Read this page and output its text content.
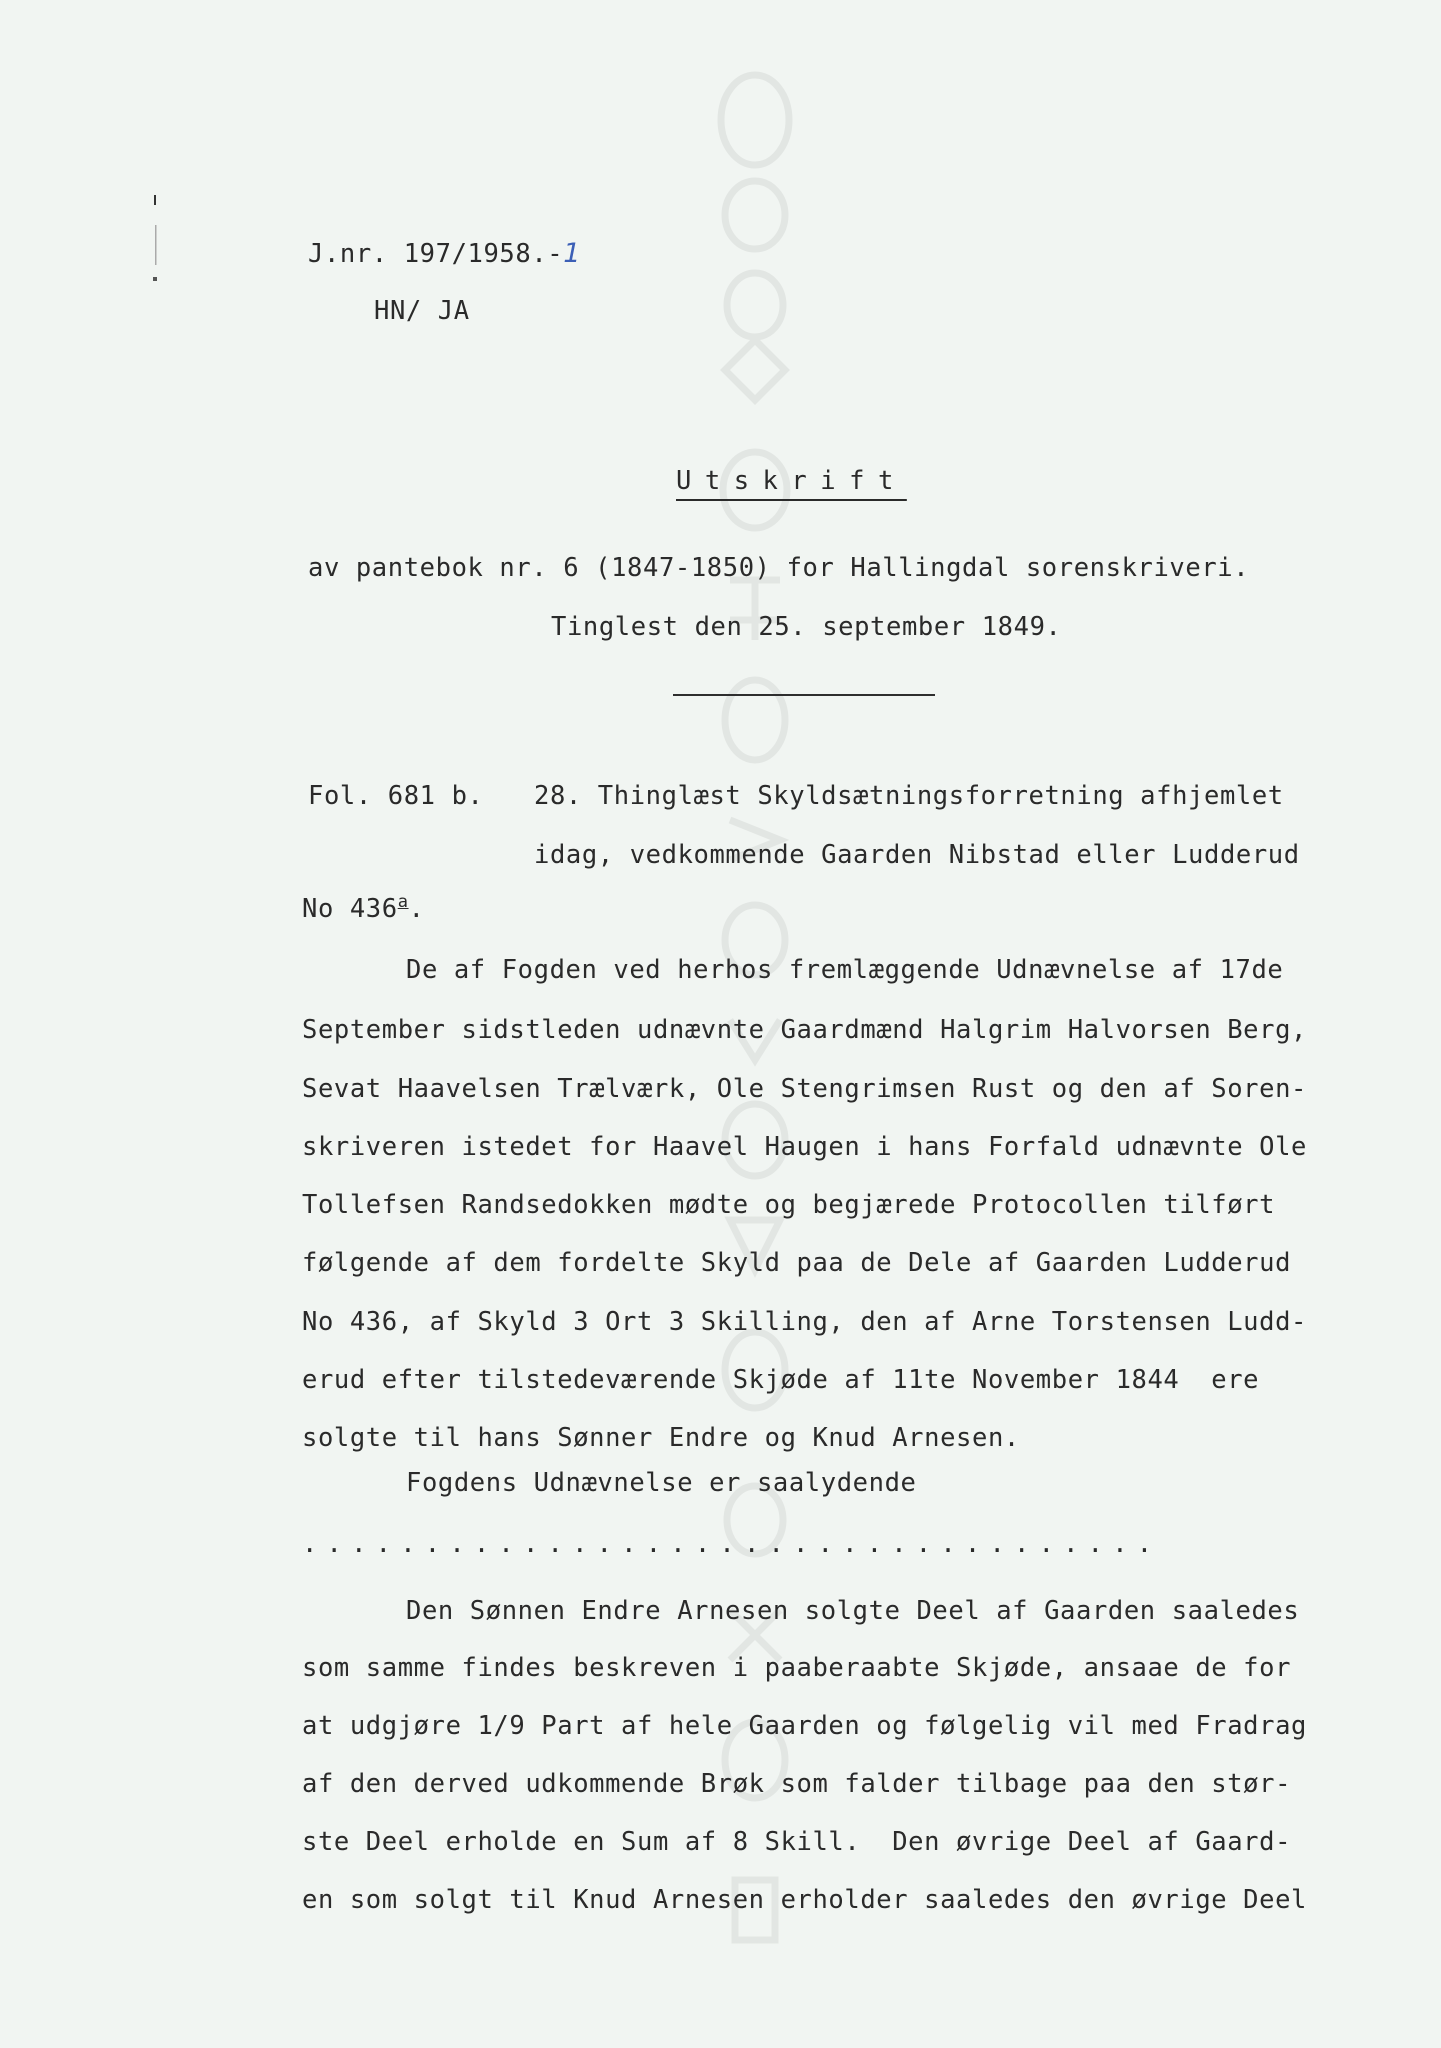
J.nr. 197/1958.-1
HN/ JA
Utskrift
av pantebok nr. 6 (1847-1850) for Hallingdal sorenskriveri.
Tinglest den 25. september 1849.
Fol. 681 b. 28. Thinglæst Skyldsætningsforretning afhjemlet
idag, vedkommende Gaarden Nibstad eller Ludderud
No 436$^a$.
De af Fogden ved herhos fremlæggende Udnævnelse af 17de
September sidstleden udnævnte Gaardmænd Halgrim Halvorsen Berg,
Sevat Haavelsen Trælværk, Ole Stengrimsen Rust og den af Soren-
skriveren istedet for Haavel Haugen i hans Forfald udnævnte Ole
Tollefsen Randsedokken mødte og begjærede Protocollen tilført
følgende af dem fordelte Skyld paa de Dele af Gaarden Ludderud
No 436, af Skyld 3 Ort 3 Skilling, den af Arne Torstensen Ludd-
erud efter tilstedeværende Skjøde af 11te November 1844  ere
solgte til hans Sønner Endre og Knud Arnesen.
Fogdens Udnævnelse er saalydende
...................................
Den Sønnen Endre Arnesen solgte Deel af Gaarden saaledes
som samme findes beskreven i paaberaabte Skjøde, ansaae de for
at udgjøre 1/9 Part af hele Gaarden og følgelig vil med Fradrag
af den derved udkommende Brøk som falder tilbage paa den stør-
ste Deel erholde en Sum af 8 Skill.  Den øvrige Deel af Gaard-
en som solgt til Knud Arnesen erholder saaledes den øvrige Deel
